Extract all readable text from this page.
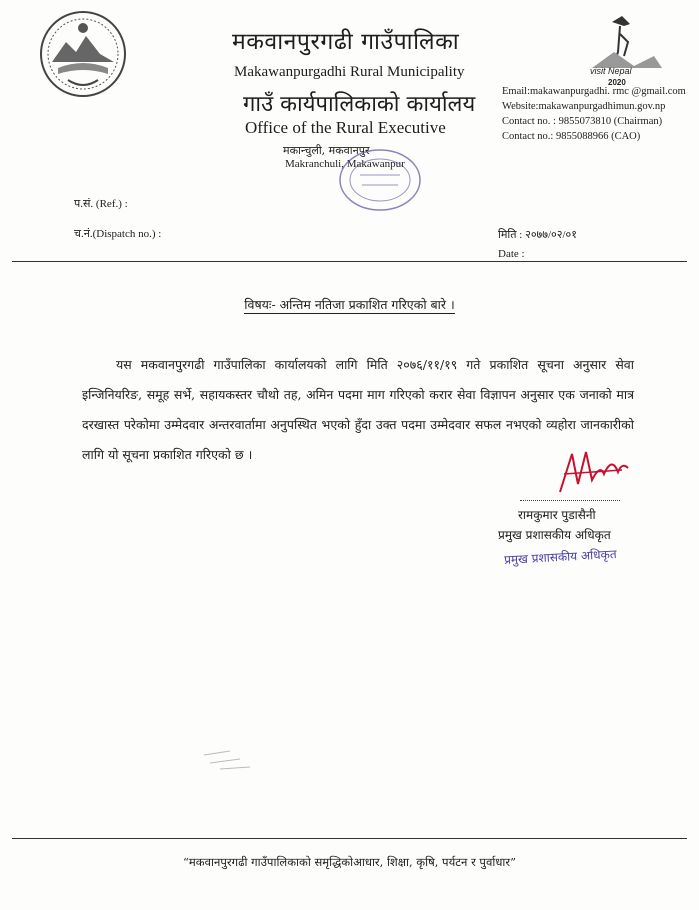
visit Nepal
2020
मकवानपुरगढी गाउँपालिका
Makawanpurgadhi Rural Municipality
गाउँ कार्यपालिकाको कार्यालय
Office of the Rural Executive
मकान्चुली, मकवानपुर
Makranchuli, Makawanpur
Email:makawanpurgadhi. rmc @gmail.com
Website:makawanpurgadhimun.gov.np
Contact no. : 9855073810 (Chairman)
Contact no.: 9855088966 (CAO)
प.सं. (Ref.) :
च.नं.(Dispatch no.) :	मिति : २०७७/०२/०१
Date :
विषयः- अन्तिम नतिजा प्रकाशित गरिएको बारे ।
यस मकवानपुरगढी गाउँपालिका कार्यालयको लागि मिति २०७६/११/१९ गते प्रकाशित सूचना अनुसार सेवा इन्जिनियरिङ, समूह सर्भे, सहायकस्तर चौथो तह, अमिन पदमा माग गरिएको करार सेवा विज्ञापन अनुसार एक जनाको मात्र दरखास्त परेकोमा उम्मेदवार अन्तरवार्तामा अनुपस्थित भएको हुँदा उक्त पदमा उम्मेदवार सफल नभएको व्यहोरा जानकारीको लागि यो सूचना प्रकाशित गरिएको छ ।
रामकुमार पुडासैनी
प्रमुख प्रशासकीय अधिकृत
प्रमुख प्रशासकीय अधिकृत
“मकवानपुरगढी गाउँपालिकाको समृद्धिकोआधार, शिक्षा, कृषि, पर्यटन र पुर्वाधार”
